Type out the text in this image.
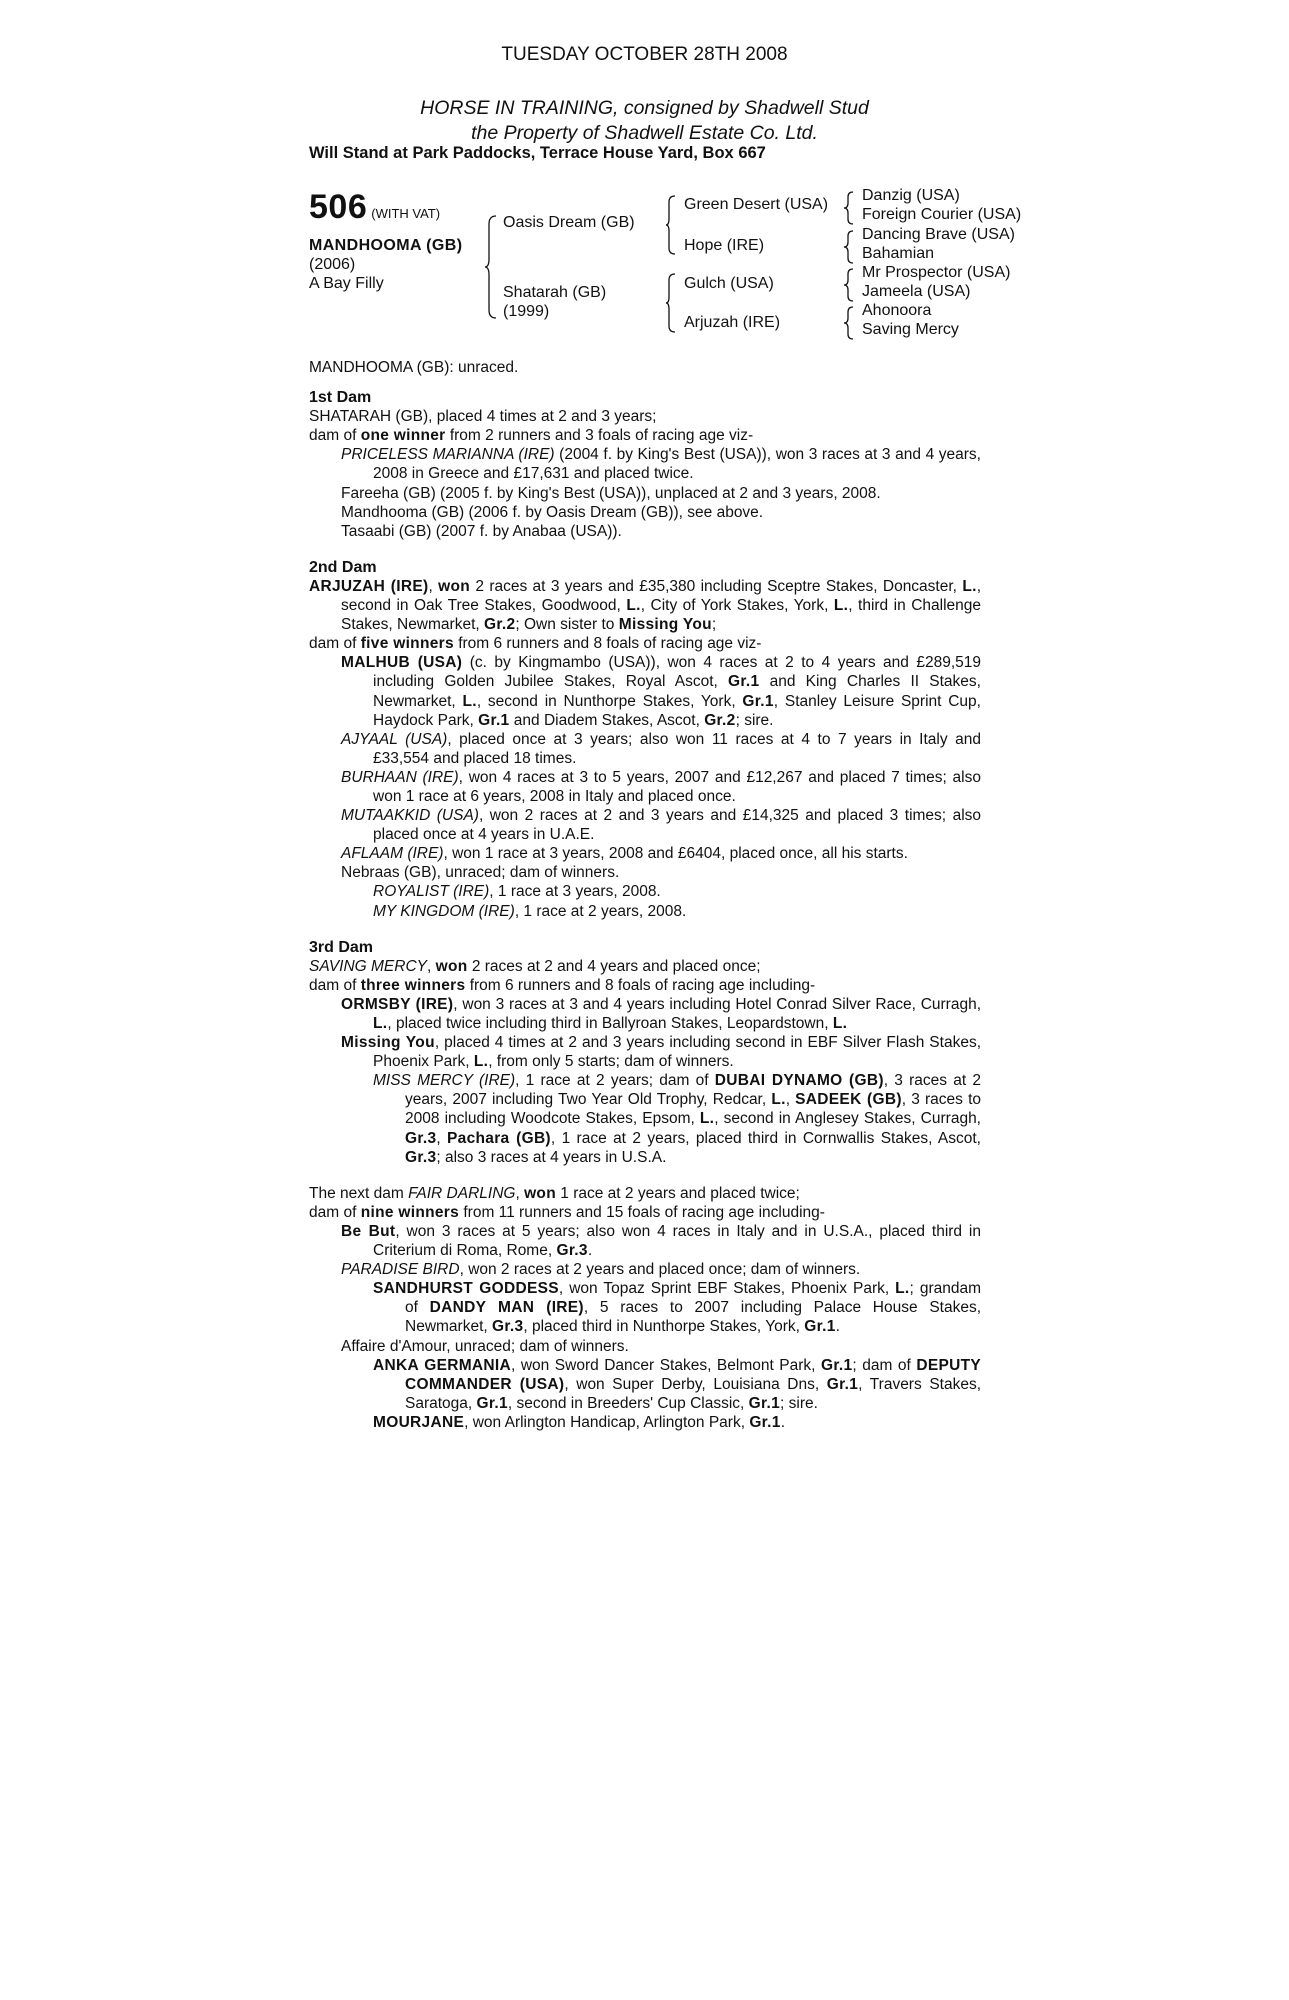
TUESDAY OCTOBER 28TH 2008
HORSE IN TRAINING, consigned by Shadwell Stud
the Property of Shadwell Estate Co. Ltd.
Will Stand at Park Paddocks, Terrace House Yard, Box 667
506 (WITH VAT)
MANDHOOMA (GB)
(2006)
A Bay Filly
Oasis Dream (GB)
Shatarah (GB)
(1999)
Green Desert (USA)
Hope (IRE)
Gulch (USA)
Arjuzah (IRE)
Danzig (USA)
Foreign Courier (USA)
Dancing Brave (USA)
Bahamian
Mr Prospector (USA)
Jameela (USA)
Ahonoora
Saving Mercy

MANDHOOMA (GB): unraced.

1st Dam

SHATARAH (GB), placed 4 times at 2 and 3 years;

dam of one winner from 2 runners and 3 foals of racing age viz-

PRICELESS MARIANNA (IRE) (2004 f. by King's Best (USA)), won 3 races at 3 and 4 years, 2008 in Greece and £17,631 and placed twice.

Fareeha (GB) (2005 f. by King's Best (USA)), unplaced at 2 and 3 years, 2008.

Mandhooma (GB) (2006 f. by Oasis Dream (GB)), see above.

Tasaabi (GB) (2007 f. by Anabaa (USA)).

2nd Dam

ARJUZAH (IRE), won 2 races at 3 years and £35,380 including Sceptre Stakes, Doncaster, L., second in Oak Tree Stakes, Goodwood, L., City of York Stakes, York, L., third in Challenge Stakes, Newmarket, Gr.2; Own sister to Missing You;

dam of five winners from 6 runners and 8 foals of racing age viz-

MALHUB (USA) (c. by Kingmambo (USA)), won 4 races at 2 to 4 years and £289,519 including Golden Jubilee Stakes, Royal Ascot, Gr.1 and King Charles II Stakes, Newmarket, L., second in Nunthorpe Stakes, York, Gr.1, Stanley Leisure Sprint Cup, Haydock Park, Gr.1 and Diadem Stakes, Ascot, Gr.2; sire.

AJYAAL (USA), placed once at 3 years; also won 11 races at 4 to 7 years in Italy and £33,554 and placed 18 times.

BURHAAN (IRE), won 4 races at 3 to 5 years, 2007 and £12,267 and placed 7 times; also won 1 race at 6 years, 2008 in Italy and placed once.

MUTAAKKID (USA), won 2 races at 2 and 3 years and £14,325 and placed 3 times; also placed once at 4 years in U.A.E.

AFLAAM (IRE), won 1 race at 3 years, 2008 and £6404, placed once, all his starts.

Nebraas (GB), unraced; dam of winners.

ROYALIST (IRE), 1 race at 3 years, 2008.

MY KINGDOM (IRE), 1 race at 2 years, 2008.

3rd Dam

SAVING MERCY, won 2 races at 2 and 4 years and placed once;

dam of three winners from 6 runners and 8 foals of racing age including-

ORMSBY (IRE), won 3 races at 3 and 4 years including Hotel Conrad Silver Race, Curragh, L., placed twice including third in Ballyroan Stakes, Leopardstown, L.

Missing You, placed 4 times at 2 and 3 years including second in EBF Silver Flash Stakes, Phoenix Park, L., from only 5 starts; dam of winners.

MISS MERCY (IRE), 1 race at 2 years; dam of DUBAI DYNAMO (GB), 3 races at 2 years, 2007 including Two Year Old Trophy, Redcar, L., SADEEK (GB), 3 races to 2008 including Woodcote Stakes, Epsom, L., second in Anglesey Stakes, Curragh, Gr.3, Pachara (GB), 1 race at 2 years, placed third in Cornwallis Stakes, Ascot, Gr.3; also 3 races at 4 years in U.S.A.

The next dam FAIR DARLING, won 1 race at 2 years and placed twice;

dam of nine winners from 11 runners and 15 foals of racing age including-

Be But, won 3 races at 5 years; also won 4 races in Italy and in U.S.A., placed third in Criterium di Roma, Rome, Gr.3.

PARADISE BIRD, won 2 races at 2 years and placed once; dam of winners.

SANDHURST GODDESS, won Topaz Sprint EBF Stakes, Phoenix Park, L.; grandam of DANDY MAN (IRE), 5 races to 2007 including Palace House Stakes, Newmarket, Gr.3, placed third in Nunthorpe Stakes, York, Gr.1.

Affaire d'Amour, unraced; dam of winners.

ANKA GERMANIA, won Sword Dancer Stakes, Belmont Park, Gr.1; dam of DEPUTY COMMANDER (USA), won Super Derby, Louisiana Dns, Gr.1, Travers Stakes, Saratoga, Gr.1, second in Breeders' Cup Classic, Gr.1; sire.

MOURJANE, won Arlington Handicap, Arlington Park, Gr.1.
